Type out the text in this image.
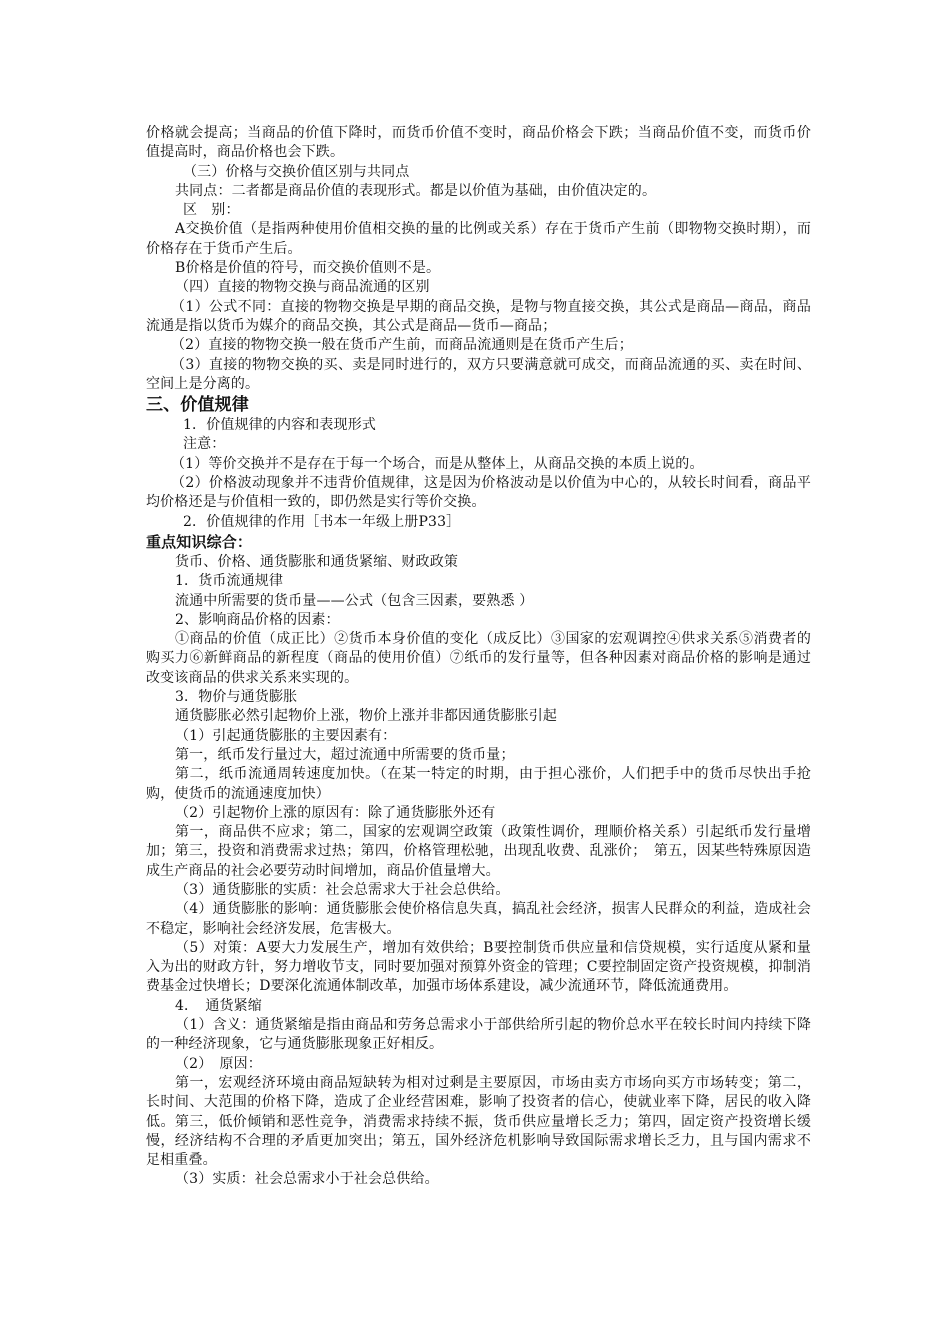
价格就会提高；当商品的价值下降时，而货币价值不变时，商品价格会下跌；当商品价值不变，而货币价值提高时，商品价格也会下跌。

（三）价格与交换价值区别与共同点

共同点：二者都是商品价值的表现形式。都是以价值为基础，由价值决定的。

区　别：

A交换价值（是指两种使用价值相交换的量的比例或关系）存在于货币产生前（即物物交换时期），而价格存在于货币产生后。

B价格是价值的符号，而交换价值则不是。

（四）直接的物物交换与商品流通的区别

（1）公式不同：直接的物物交换是早期的商品交换，是物与物直接交换，其公式是商品—商品，商品流通是指以货币为媒介的商品交换，其公式是商品—货币—商品；

（2）直接的物物交换一般在货币产生前，而商品流通则是在货币产生后；

（3）直接的物物交换的买、卖是同时进行的，双方只要满意就可成交，而商品流通的买、卖在时间、空间上是分离的。

三、价值规律

1．价值规律的内容和表现形式

注意：

（1）等价交换并不是存在于每一个场合，而是从整体上，从商品交换的本质上说的。

（2）价格波动现象并不违背价值规律，这是因为价格波动是以价值为中心的，从较长时间看，商品平均价格还是与价值相一致的，即仍然是实行等价交换。

2．价值规律的作用［书本一年级上册P33］

重点知识综合：

货币、价格、通货膨胀和通货紧缩、财政政策

1．货币流通规律

流通中所需要的货币量——公式（包含三因素，要熟悉 ）

2、影响商品价格的因素：

①商品的价值（成正比）②货币本身价值的变化（成反比）③国家的宏观调控④供求关系⑤消费者的购买力⑥新鲜商品的新程度（商品的使用价值）⑦纸币的发行量等，但各种因素对商品价格的影响是通过改变该商品的供求关系来实现的。

3．物价与通货膨胀

通货膨胀必然引起物价上涨，物价上涨并非都因通货膨胀引起

（1）引起通货膨胀的主要因素有：

第一，纸币发行量过大，超过流通中所需要的货币量；

第二，纸币流通周转速度加快。（在某一特定的时期，由于担心涨价，人们把手中的货币尽快出手抢购，使货币的流通速度加快）

（2）引起物价上涨的原因有：除了通货膨胀外还有

第一，商品供不应求；第二，国家的宏观调空政策（政策性调价，理顺价格关系）引起纸币发行量增加；第三，投资和消费需求过热；第四，价格管理松驰，出现乱收费、乱涨价；　第五，因某些特殊原因造成生产商品的社会必要劳动时间增加，商品价值量增大。

（3）通货膨胀的实质：社会总需求大于社会总供给。

（4）通货膨胀的影响：通货膨胀会使价格信息失真，搞乱社会经济，损害人民群众的利益，造成社会不稳定，影响社会经济发展，危害极大。

（5）对策：A要大力发展生产，增加有效供给；B要控制货币供应量和信贷规模，实行适度从紧和量入为出的财政方针，努力增收节支，同时要加强对预算外资金的管理；C要控制固定资产投资规模，抑制消费基金过快增长；D要深化流通体制改革，加强市场体系建设，减少流通环节，降低流通费用。

4．　通货紧缩

（1）含义：通货紧缩是指由商品和劳务总需求小于部供给所引起的物价总水平在较长时间内持续下降的一种经济现象，它与通货膨胀现象正好相反。

（2）　原因：

第一，宏观经济环境由商品短缺转为相对过剩是主要原因，市场由卖方市场向买方市场转变；第二，长时间、大范围的价格下降，造成了企业经营困难，影响了投资者的信心，使就业率下降，居民的收入降低。第三，低价倾销和恶性竞争，消费需求持续不振，货币供应量增长乏力；第四，固定资产投资增长缓慢，经济结构不合理的矛盾更加突出；第五，国外经济危机影响导致国际需求增长乏力，且与国内需求不足相重叠。

（3）实质：社会总需求小于社会总供给。
